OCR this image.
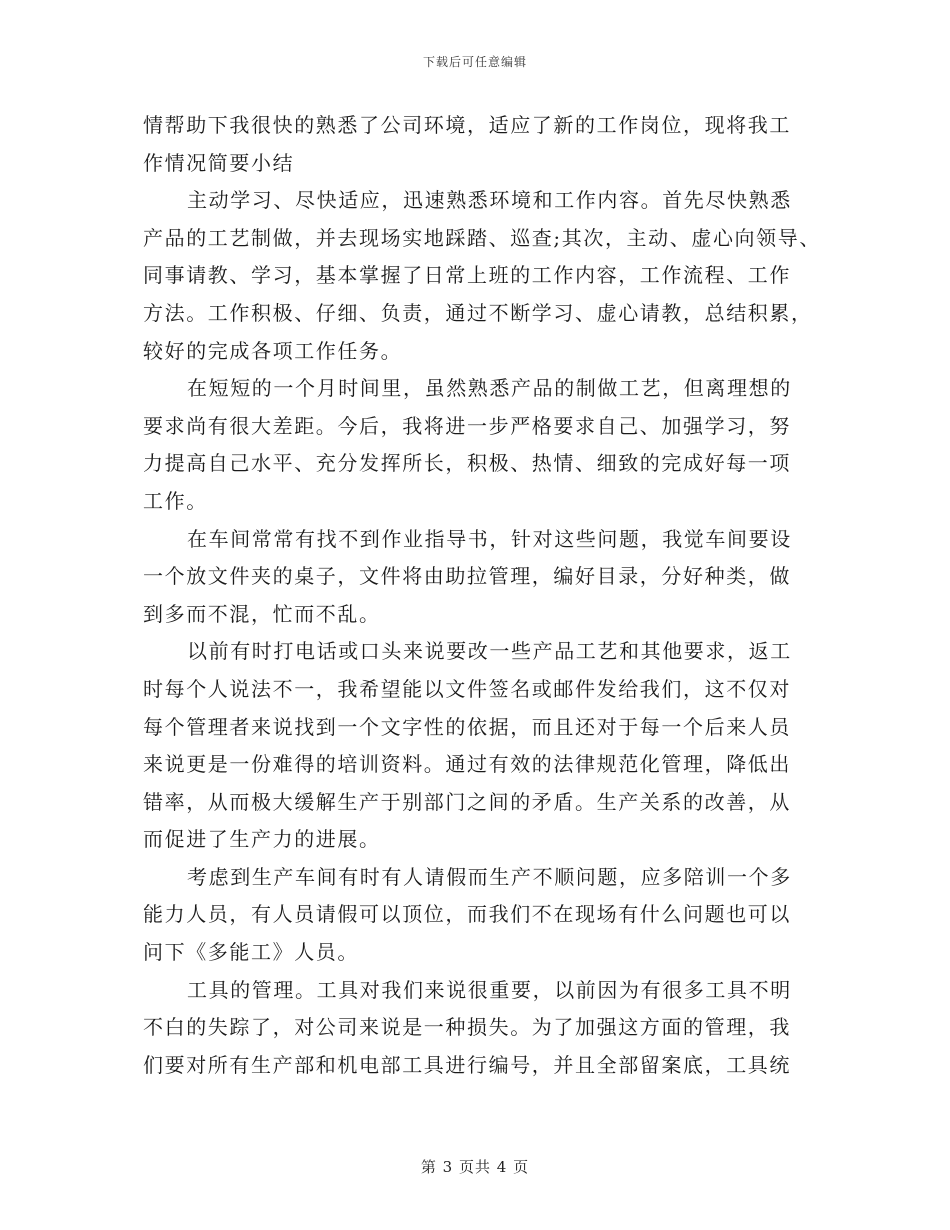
下载后可任意编辑
情帮助下我很快的熟悉了公司环境，适应了新的工作岗位，现将我工
作情况简要小结
主动学习、尽快适应，迅速熟悉环境和工作内容。首先尽快熟悉
产品的工艺制做，并去现场实地踩踏、巡查;其次，主动、虚心向领导、
同事请教、学习，基本掌握了日常上班的工作内容，工作流程、工作
方法。工作积极、仔细、负责，通过不断学习、虚心请教，总结积累，
较好的完成各项工作任务。
在短短的一个月时间里，虽然熟悉产品的制做工艺，但离理想的
要求尚有很大差距。今后，我将进一步严格要求自己、加强学习，努
力提高自己水平、充分发挥所长，积极、热情、细致的完成好每一项
工作。
在车间常常有找不到作业指导书，针对这些问题，我觉车间要设
一个放文件夹的桌子，文件将由助拉管理，编好目录，分好种类，做
到多而不混，忙而不乱。
以前有时打电话或口头来说要改一些产品工艺和其他要求，返工
时每个人说法不一，我希望能以文件签名或邮件发给我们，这不仅对
每个管理者来说找到一个文字性的依据，而且还对于每一个后来人员
来说更是一份难得的培训资料。通过有效的法律规范化管理，降低出
错率，从而极大缓解生产于别部门之间的矛盾。生产关系的改善，从
而促进了生产力的进展。
考虑到生产车间有时有人请假而生产不顺问题，应多陪训一个多
能力人员，有人员请假可以顶位，而我们不在现场有什么问题也可以
问下《多能工》人员。
工具的管理。工具对我们来说很重要，以前因为有很多工具不明
不白的失踪了，对公司来说是一种损失。为了加强这方面的管理，我
们要对所有生产部和机电部工具进行编号，并且全部留案底，工具统
第 3 页共 4 页
